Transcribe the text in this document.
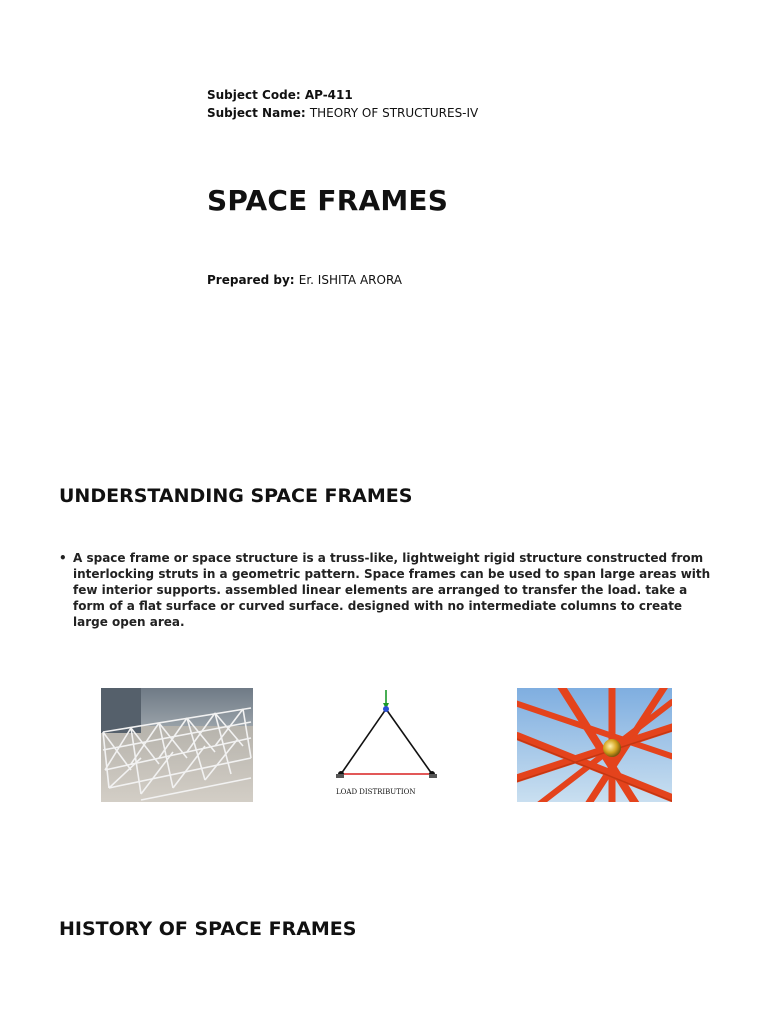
Subject Code: AP-411
Subject Name: THEORY OF STRUCTURES-IV
SPACE FRAMES
Prepared by: Er. ISHITA ARORA
UNDERSTANDING SPACE FRAMES
• A space frame or space structure is a truss-like, lightweight rigid structure constructed from interlocking struts in a geometric pattern. Space frames can be used to span large areas with few interior supports. assembled linear elements are arranged to transfer the load. take a form of a flat surface or curved surface. designed with no intermediate columns to create large open area.
LOAD DISTRIBUTION
HISTORY OF SPACE FRAMES
